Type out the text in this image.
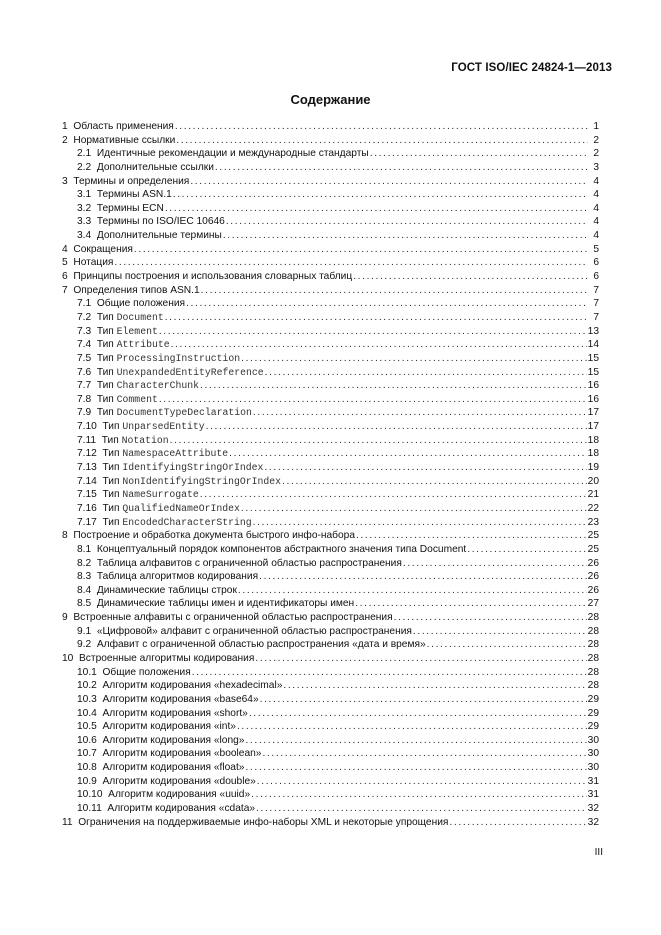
ГОСТ ISO/IEC 24824-1—2013
Содержание
1 Область применения . . .	1
2 Нормативные ссылки . . .	2
2.1 Идентичные рекомендации и международные стандарты . . .	2
2.2 Дополнительные ссылки . . .	3
3 Термины и определения . . .	4
3.1 Термины ASN.1 . . .	4
3.2 Термины ECN . . .	4
3.3 Термины по ISO/IEC 10646 . . .	4
3.4 Дополнительные термины . . .	4
4 Сокращения . . .	5
5 Нотация . . .	6
6 Принципы построения и использования словарных таблиц . . .	6
7 Определения типов ASN.1 . . .	7
7.1 Общие положения . . .	7
7.2 Тип Document . . .	7
7.3 Тип Element . . .	13
7.4 Тип Attribute . . .	14
7.5 Тип ProcessingInstruction . . .	15
7.6 Тип UnexpandedEntityReference . . .	15
7.7 Тип CharacterChunk . . .	16
7.8 Тип Comment . . .	16
7.9 Тип DocumentTypeDeclaration . . .	17
7.10 Тип UnparsedEntity . . .	17
7.11 Тип Notation . . .	18
7.12 Тип NamespaceAttribute . . .	18
7.13 Тип IdentifyingStringOrIndex . . .	19
7.14 Тип NonIdentifyingStringOrIndex . . .	20
7.15 Тип NameSurrogate . . .	21
7.16 Тип QualifiedNameOrIndex . . .	22
7.17 Тип EncodedCharacterString . . .	23
8 Построение и обработка документа быстрого инфо-набора . . .	25
8.1 Концептуальный порядок компонентов абстрактного значения типа Document . . .	25
8.2 Таблица алфавитов с ограниченной областью распространения . . .	26
8.3 Таблица алгоритмов кодирования . . .	26
8.4 Динамические таблицы строк . . .	26
8.5 Динамические таблицы имен и идентификаторы имен . . .	27
9 Встроенные алфавиты с ограниченной областью распространения . . .	28
9.1 «Цифровой» алфавит с ограниченной областью распространения . . .	28
9.2 Алфавит с ограниченной областью распространения «дата и время» . . .	28
10 Встроенные алгоритмы кодирования . . .	28
10.1 Общие положения . . .	28
10.2 Алгоритм кодирования «hexadecimal» . . .	28
10.3 Алгоритм кодирования «base64» . . .	29
10.4 Алгоритм кодирования «short» . . .	29
10.5 Алгоритм кодирования «int» . . .	29
10.6 Алгоритм кодирования «long» . . .	30
10.7 Алгоритм кодирования «boolean» . . .	30
10.8 Алгоритм кодирования «float» . . .	30
10.9 Алгоритм кодирования «double» . . .	31
10.10 Алгоритм кодирования «uuid» . . .	31
10.11 Алгоритм кодирования «cdata» . . .	32
11 Ограничения на поддерживаемые инфо-наборы XML и некоторые упрощения . . .	32
III
